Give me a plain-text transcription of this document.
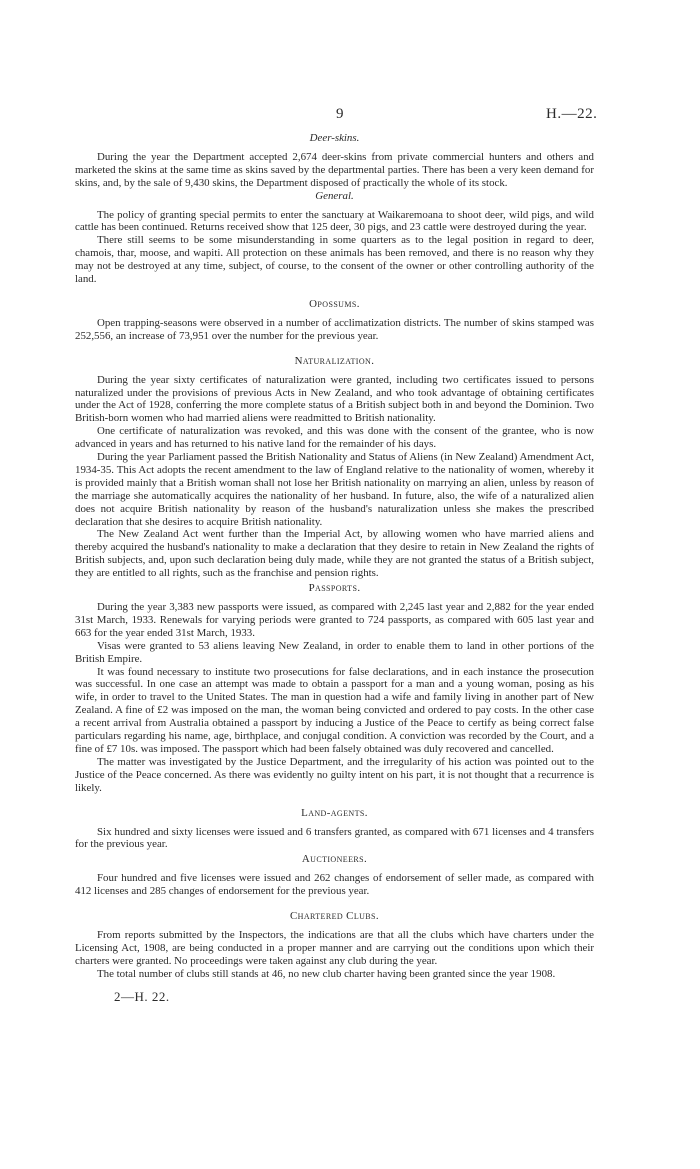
9	H.—22.
Deer-skins.

During the year the Department accepted 2,674 deer-skins from private commercial hunters and others and marketed the skins at the same time as skins saved by the departmental parties. There has been a very keen demand for skins, and, by the sale of 9,430 skins, the Department disposed of practically the whole of its stock.

General.

The policy of granting special permits to enter the sanctuary at Waikaremoana to shoot deer, wild pigs, and wild cattle has been continued. Returns received show that 125 deer, 30 pigs, and 23 cattle were destroyed during the year.

There still seems to be some misunderstanding in some quarters as to the legal position in regard to deer, chamois, thar, moose, and wapiti. All protection on these animals has been removed, and there is no reason why they may not be destroyed at any time, subject, of course, to the consent of the owner or other controlling authority of the land.

Opossums.

Open trapping-seasons were observed in a number of acclimatization districts. The number of skins stamped was 252,556, an increase of 73,951 over the number for the previous year.

Naturalization.

During the year sixty certificates of naturalization were granted, including two certificates issued to persons naturalized under the provisions of previous Acts in New Zealand, and who took advantage of obtaining certificates under the Act of 1928, conferring the more complete status of a British subject both in and beyond the Dominion. Two British-born women who had married aliens were readmitted to British nationality.

One certificate of naturalization was revoked, and this was done with the consent of the grantee, who is now advanced in years and has returned to his native land for the remainder of his days.

During the year Parliament passed the British Nationality and Status of Aliens (in New Zealand) Amendment Act, 1934-35. This Act adopts the recent amendment to the law of England relative to the nationality of women, whereby it is provided mainly that a British woman shall not lose her British nationality on marrying an alien, unless by reason of the marriage she automatically acquires the nationality of her husband. In future, also, the wife of a naturalized alien does not acquire British nationality by reason of the husband's naturalization unless she makes the prescribed declaration that she desires to acquire British nationality.

The New Zealand Act went further than the Imperial Act, by allowing women who have married aliens and thereby acquired the husband's nationality to make a declaration that they desire to retain in New Zealand the rights of British subjects, and, upon such declaration being duly made, while they are not granted the status of a British subject, they are entitled to all rights, such as the franchise and pension rights.

Passports.

During the year 3,383 new passports were issued, as compared with 2,245 last year and 2,882 for the year ended 31st March, 1933. Renewals for varying periods were granted to 724 passports, as compared with 605 last year and 663 for the year ended 31st March, 1933.

Visas were granted to 53 aliens leaving New Zealand, in order to enable them to land in other portions of the British Empire.

It was found necessary to institute two prosecutions for false declarations, and in each instance the prosecution was successful. In one case an attempt was made to obtain a passport for a man and a young woman, posing as his wife, in order to travel to the United States. The man in question had a wife and family living in another part of New Zealand. A fine of £2 was imposed on the man, the woman being convicted and ordered to pay costs. In the other case a recent arrival from Australia obtained a passport by inducing a Justice of the Peace to certify as being correct false particulars regarding his name, age, birthplace, and conjugal condition. A conviction was recorded by the Court, and a fine of £7 10s. was imposed. The passport which had been falsely obtained was duly recovered and cancelled.

The matter was investigated by the Justice Department, and the irregularity of his action was pointed out to the Justice of the Peace concerned. As there was evidently no guilty intent on his part, it is not thought that a recurrence is likely.

Land-agents.

Six hundred and sixty licenses were issued and 6 transfers granted, as compared with 671 licenses and 4 transfers for the previous year.

Auctioneers.

Four hundred and five licenses were issued and 262 changes of endorsement of seller made, as compared with 412 licenses and 285 changes of endorsement for the previous year.

Chartered Clubs.

From reports submitted by the Inspectors, the indications are that all the clubs which have charters under the Licensing Act, 1908, are being conducted in a proper manner and are carrying out the conditions upon which their charters were granted. No proceedings were taken against any club during the year.

The total number of clubs still stands at 46, no new club charter having been granted since the year 1908.

2—H. 22.
